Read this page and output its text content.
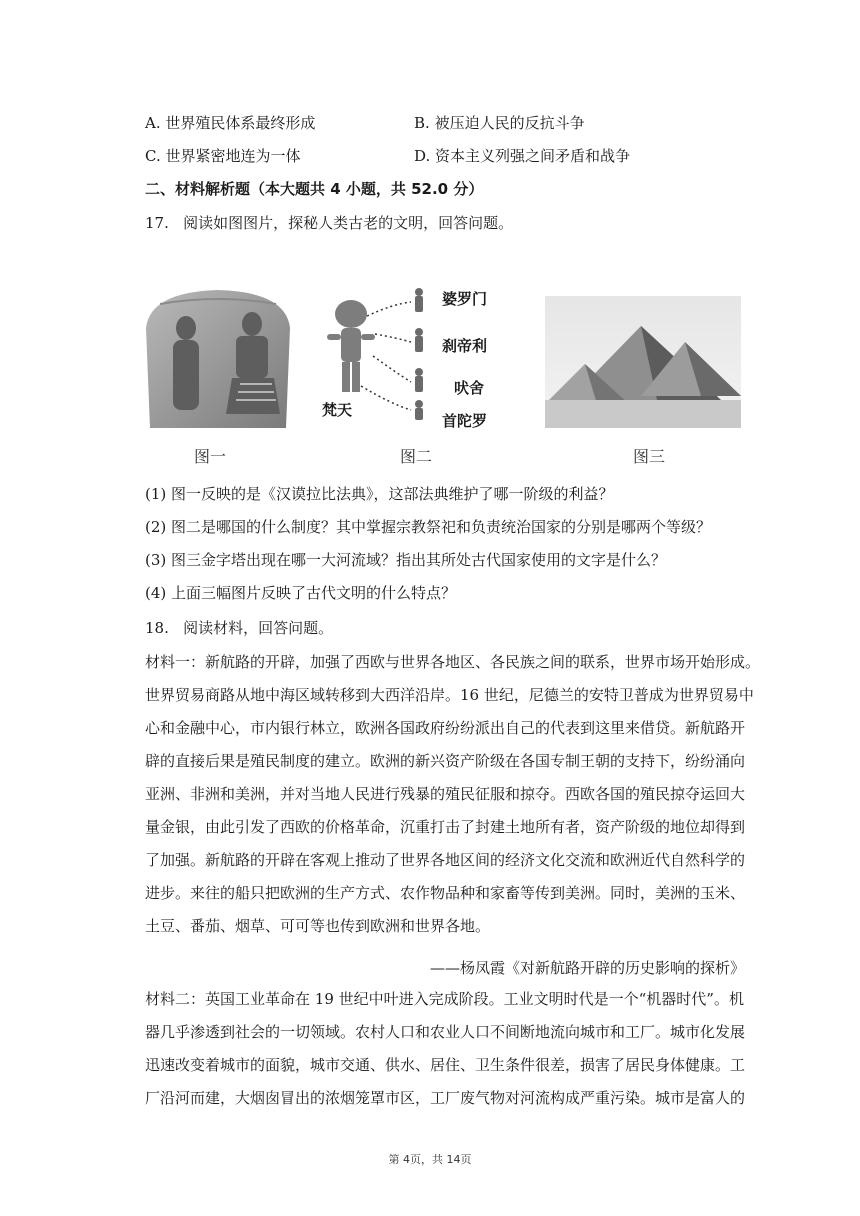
A. 世界殖民体系最终形成	B. 被压迫人民的反抗斗争
C. 世界紧密地连为一体	D. 资本主义列强之间矛盾和战争
二、材料解析题（本大题共 4 小题，共 52.0 分）
17. 阅读如图图片，探秘人类古老的文明，回答问题。
婆罗门
刹帝利
吠舍
首陀罗
梵天
图一	图二	图三
(1) 图一反映的是《汉谟拉比法典》，这部法典维护了哪一阶级的利益？
(2) 图二是哪国的什么制度？其中掌握宗教祭祀和负责统治国家的分别是哪两个等级？
(3) 图三金字塔出现在哪一大河流域？指出其所处古代国家使用的文字是什么？
(4) 上面三幅图片反映了古代文明的什么特点？
18. 阅读材料，回答问题。
材料一：新航路的开辟，加强了西欧与世界各地区、各民族之间的联系，世界市场开始形成。
世界贸易商路从地中海区域转移到大西洋沿岸。16 世纪，尼德兰的安特卫普成为世界贸易中
心和金融中心，市内银行林立，欧洲各国政府纷纷派出自己的代表到这里来借贷。新航路开
辟的直接后果是殖民制度的建立。欧洲的新兴资产阶级在各国专制王朝的支持下，纷纷涌向
亚洲、非洲和美洲，并对当地人民进行残暴的殖民征服和掠夺。西欧各国的殖民掠夺运回大
量金银，由此引发了西欧的价格革命，沉重打击了封建土地所有者，资产阶级的地位却得到
了加强。新航路的开辟在客观上推动了世界各地区间的经济文化交流和欧洲近代自然科学的
进步。来往的船只把欧洲的生产方式、农作物品种和家畜等传到美洲。同时，美洲的玉米、
土豆、番茄、烟草、可可等也传到欧洲和世界各地。
——杨凤霞《对新航路开辟的历史影响的探析》
材料二：英国工业革命在 19 世纪中叶进入完成阶段。工业文明时代是一个“机器时代”。机
器几乎渗透到社会的一切领域。农村人口和农业人口不间断地流向城市和工厂。城市化发展
迅速改变着城市的面貌，城市交通、供水、居住、卫生条件很差，损害了居民身体健康。工
厂沿河而建，大烟囱冒出的浓烟笼罩市区，工厂废气物对河流构成严重污染。城市是富人的
第 4页，共 14页
